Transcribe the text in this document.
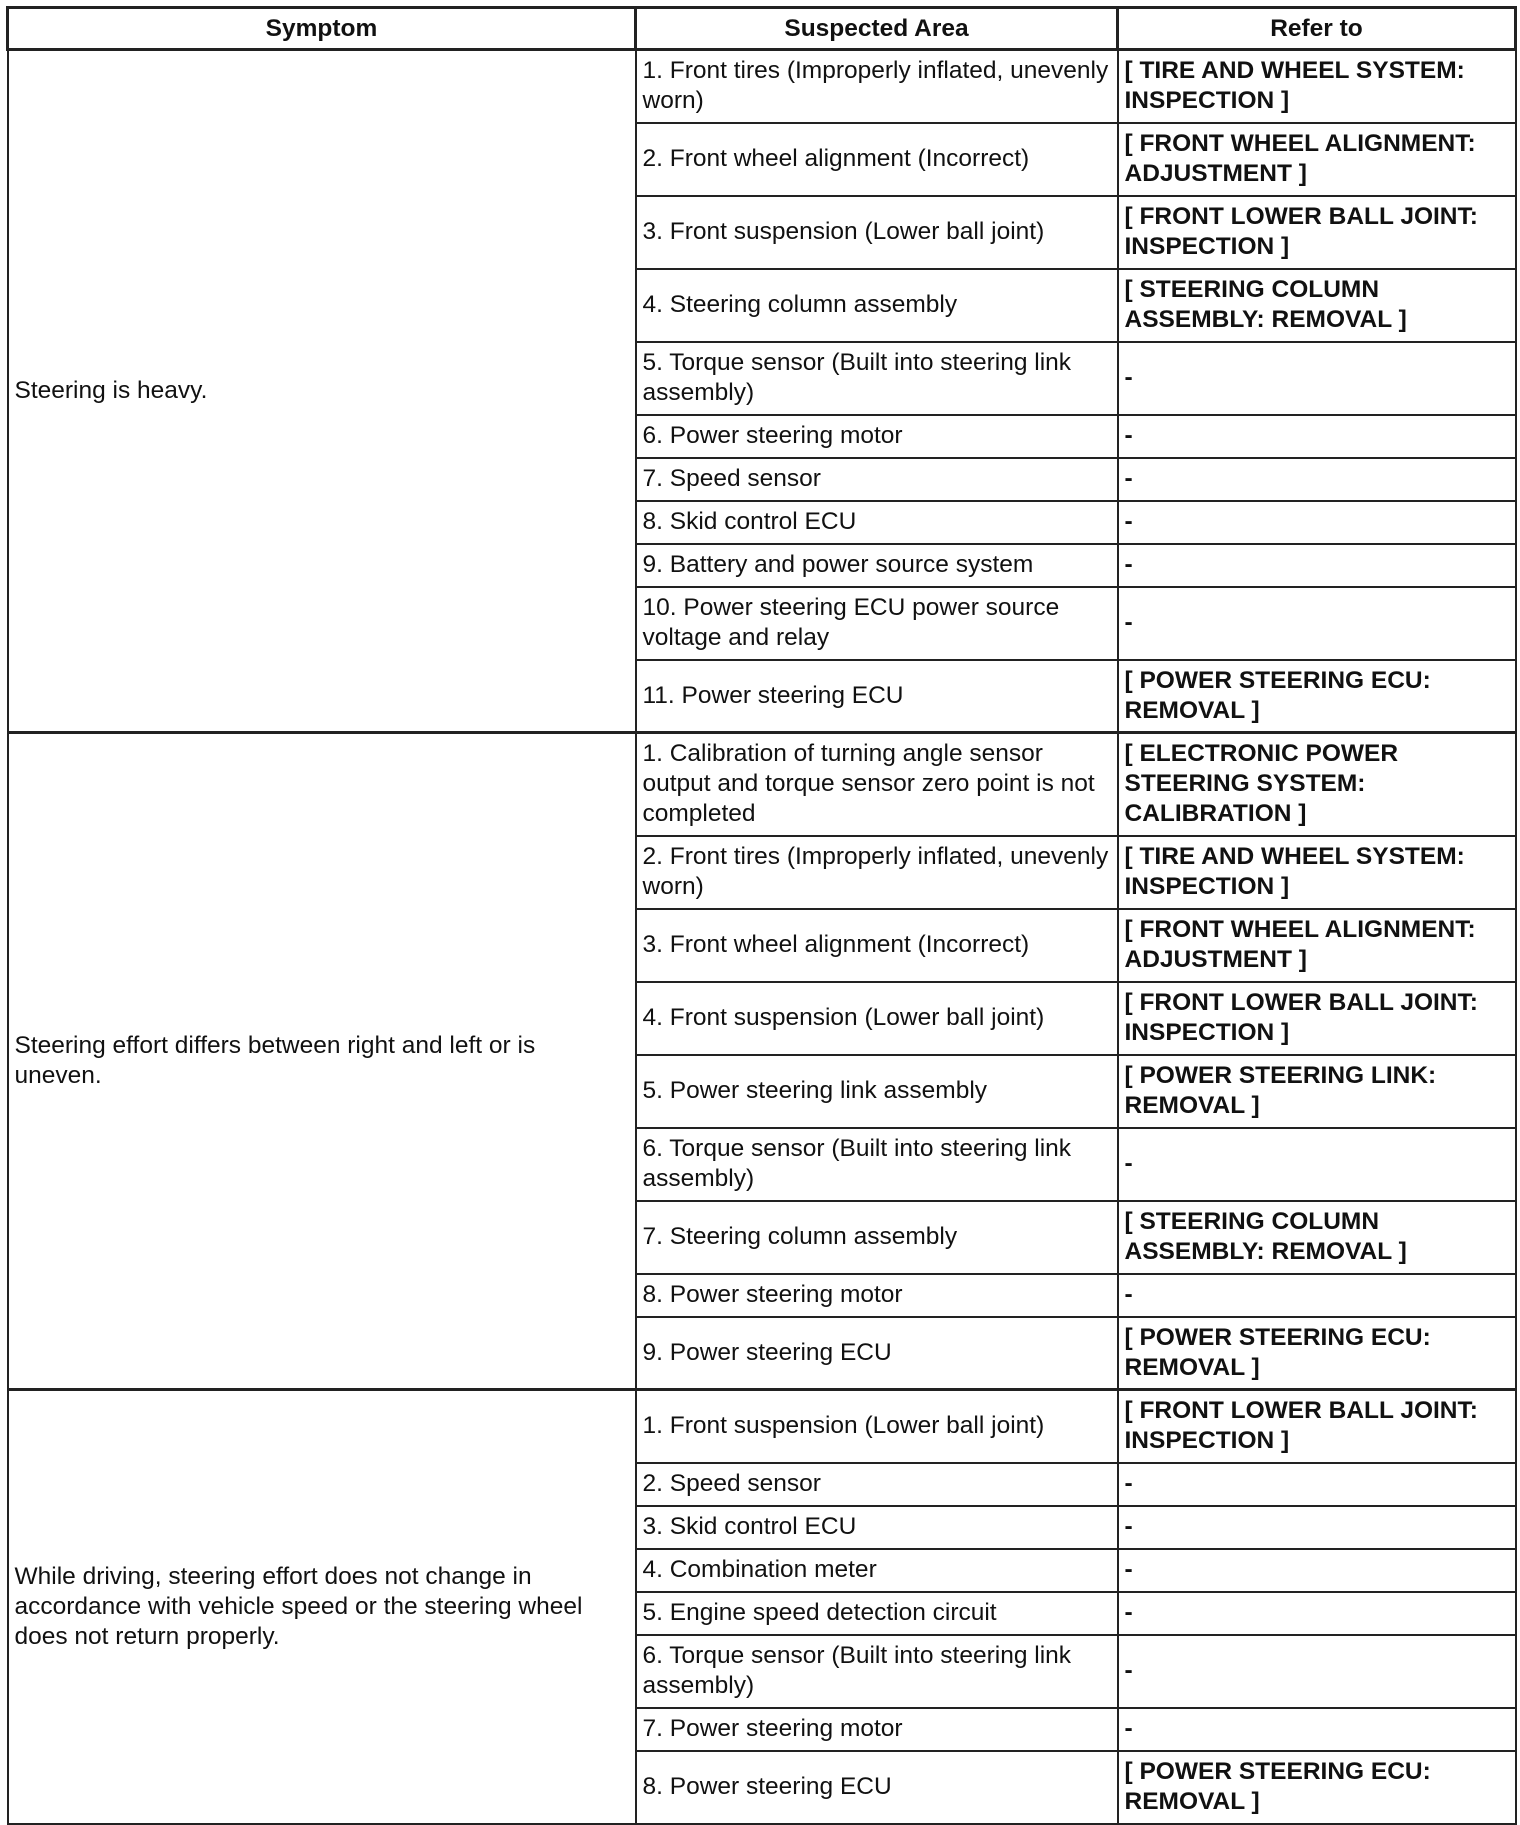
Symptom	Suspected Area	Refer to
Steering is heavy.	1. Front tires (Improperly inflated, unevenly worn)	[ TIRE AND WHEEL SYSTEM: INSPECTION ]
	2. Front wheel alignment (Incorrect)	[ FRONT WHEEL ALIGNMENT: ADJUSTMENT ]
	3. Front suspension (Lower ball joint)	[ FRONT LOWER BALL JOINT: INSPECTION ]
	4. Steering column assembly	[ STEERING COLUMN ASSEMBLY: REMOVAL ]
	5. Torque sensor (Built into steering link assembly)	-
	6. Power steering motor	-
	7. Speed sensor	-
	8. Skid control ECU	-
	9. Battery and power source system	-
	10. Power steering ECU power source voltage and relay	-
	11. Power steering ECU	[ POWER STEERING ECU: REMOVAL ]
Steering effort differs between right and left or is uneven.	1. Calibration of turning angle sensor output and torque sensor zero point is not completed	[ ELECTRONIC POWER STEERING SYSTEM: CALIBRATION ]
	2. Front tires (Improperly inflated, unevenly worn)	[ TIRE AND WHEEL SYSTEM: INSPECTION ]
	3. Front wheel alignment (Incorrect)	[ FRONT WHEEL ALIGNMENT: ADJUSTMENT ]
	4. Front suspension (Lower ball joint)	[ FRONT LOWER BALL JOINT: INSPECTION ]
	5. Power steering link assembly	[ POWER STEERING LINK: REMOVAL ]
	6. Torque sensor (Built into steering link assembly)	-
	7. Steering column assembly	[ STEERING COLUMN ASSEMBLY: REMOVAL ]
	8. Power steering motor	-
	9. Power steering ECU	[ POWER STEERING ECU: REMOVAL ]
While driving, steering effort does not change in accordance with vehicle speed or the steering wheel does not return properly.	1. Front suspension (Lower ball joint)	[ FRONT LOWER BALL JOINT: INSPECTION ]
	2. Speed sensor	-
	3. Skid control ECU	-
	4. Combination meter	-
	5. Engine speed detection circuit	-
	6. Torque sensor (Built into steering link assembly)	-
	7. Power steering motor	-
	8. Power steering ECU	[ POWER STEERING ECU: REMOVAL ]
